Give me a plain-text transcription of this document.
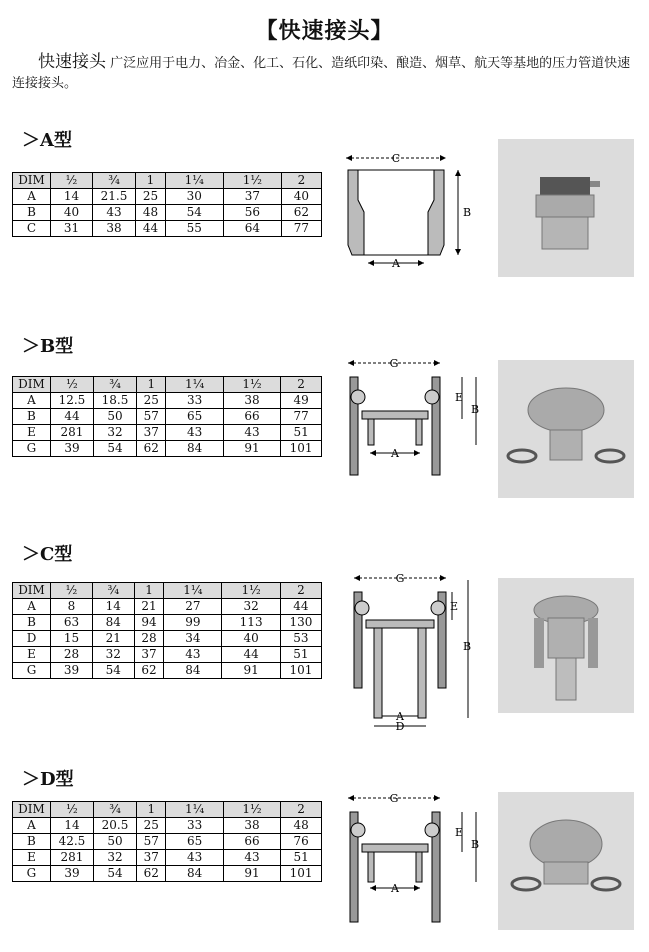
【快速接头】
快速接头 广泛应用于电力、冶金、化工、石化、造纸印染、酿造、烟草、航天等基地的压力管道快速连接接头。
＞A型
DIM	½	¾	1	1¼	1½	2
A	14	21.5	25	30	37	40
B	40	43	48	54	56	62
C	31	38	44	55	64	77
C
B
A
＞B型
DIM	½	¾	1	1¼	1½	2
A	12.5	18.5	25	33	38	49
B	44	50	57	65	66	77
E	281	32	37	43	43	51
G	39	54	62	84	91	101
G
E
B
A
＞C型
DIM	½	¾	1	1¼	1½	2
A	8	14	21	27	32	44
B	63	84	94	99	113	130
D	15	21	28	34	40	53
E	28	32	37	43	44	51
G	39	54	62	84	91	101
G
E
B
A
D
＞D型
DIM	½	¾	1	1¼	1½	2
A	14	20.5	25	33	38	48
B	42.5	50	57	65	66	76
E	281	32	37	43	43	51
G	39	54	62	84	91	101
G
E
B
A
